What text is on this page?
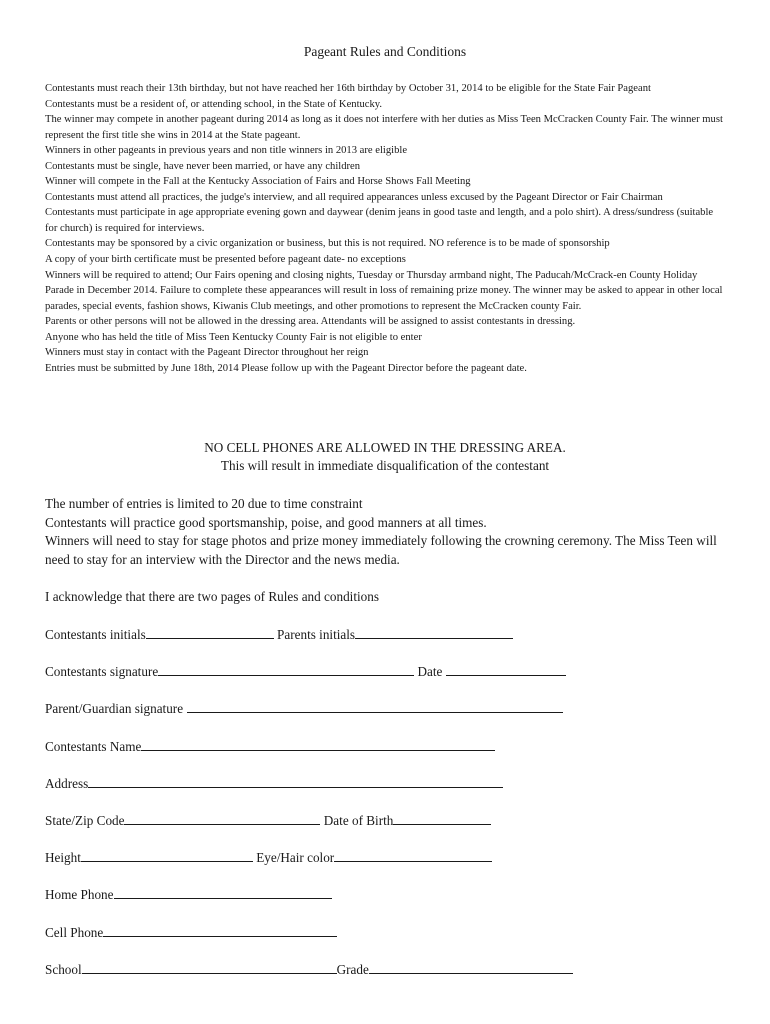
Pageant Rules and Conditions

Contestants must reach their 13th birthday, but not have reached her 16th birthday by October 31, 2014 to be eligible for the State Fair Pageant

Contestants must be a resident of, or attending school, in the State of Kentucky.

The winner may compete in another pageant during 2014 as long as it does not interfere with her duties as Miss Teen McCracken County Fair. The winner must represent the first title she wins in 2014 at the State pageant.

Winners in other pageants in previous years and non title winners in 2013 are eligible

Contestants must be single, have never been married, or have any children

Winner will compete in the Fall at the Kentucky Association of Fairs and Horse Shows Fall Meeting

Contestants must attend all practices, the judge's interview, and all required appearances unless excused by the Pageant Director or Fair Chairman

Contestants must participate in age appropriate evening gown and daywear (denim jeans in good taste and length, and a polo shirt). A dress/sundress (suitable for church) is required for interviews.

Contestants may be sponsored by a civic organization or business, but this is not required. NO reference is to be made of sponsorship

A copy of your birth certificate must be presented before pageant date- no exceptions

Winners will be required to attend; Our Fairs opening and closing nights, Tuesday or Thursday armband night, The Paducah/McCrack-en County Holiday Parade in December 2014. Failure to complete these appearances will result in loss of remaining prize money. The winner may be asked to appear in other local parades, special events, fashion shows, Kiwanis Club meetings, and other promotions to represent the McCracken county Fair.

Parents or other persons will not be allowed in the dressing area. Attendants will be assigned to assist contestants in dressing.

Anyone who has held the title of Miss Teen Kentucky County Fair is not eligible to enter

Winners must stay in contact with the Pageant Director throughout her reign

Entries must be submitted by June 18th, 2014 Please follow up with the Pageant Director before the pageant date.

NO CELL PHONES ARE ALLOWED IN THE DRESSING AREA.
This will result in immediate disqualification of the contestant

The number of entries is limited to 20 due to time constraint

Contestants will practice good sportsmanship, poise, and good manners at all times.

Winners will need to stay for stage photos and prize money immediately following the crowning ceremony. The Miss Teen will need to stay for an interview with the Director and the news media.

I acknowledge that there are two pages of Rules and conditions
Contestants initials	Parents initials
Contestants signature	Date
Parent/Guardian signature
Contestants Name
Address
State/Zip Code	Date of Birth
Height	Eye/Hair color
Home Phone
Cell Phone
School	Grade
